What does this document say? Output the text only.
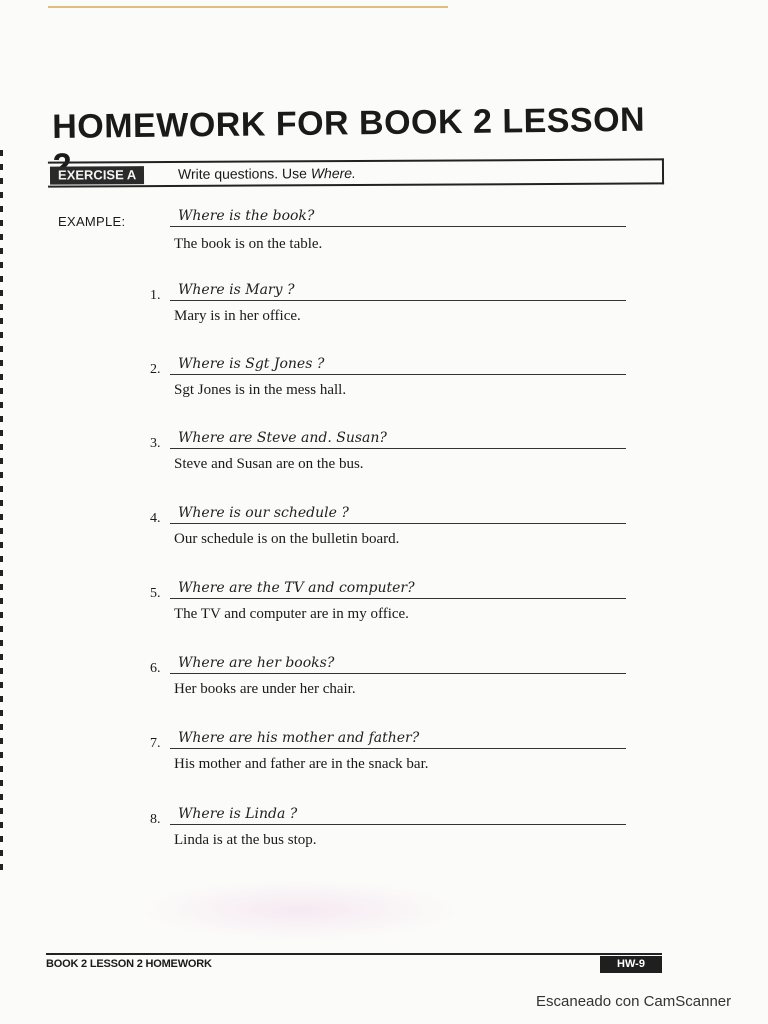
HOMEWORK FOR BOOK 2 LESSON
EXERCISE A	Write questions. Use Where.
EXAMPLE:	Where is the book?
The book is on the table.
1.	Where is Mary ?
Mary is in her office.
2.	Where is Sgt Jones ?
Sgt Jones is in the mess hall.
3.	Where are Steve and. Susan?
Steve and Susan are on the bus.
4.	Where is our schedule ?
Our schedule is on the bulletin board.
5.	Where are the TV and computer?
The TV and computer are in my office.
6.	Where are her books?
Her books are under her chair.
7.	Where are his mother and father?
His mother and father are in the snack bar.
8.	Where is Linda ?
Linda is at the bus stop.
BOOK 2 LESSON 2 HOMEWORK	HW-9
Escaneado con CamScanner
